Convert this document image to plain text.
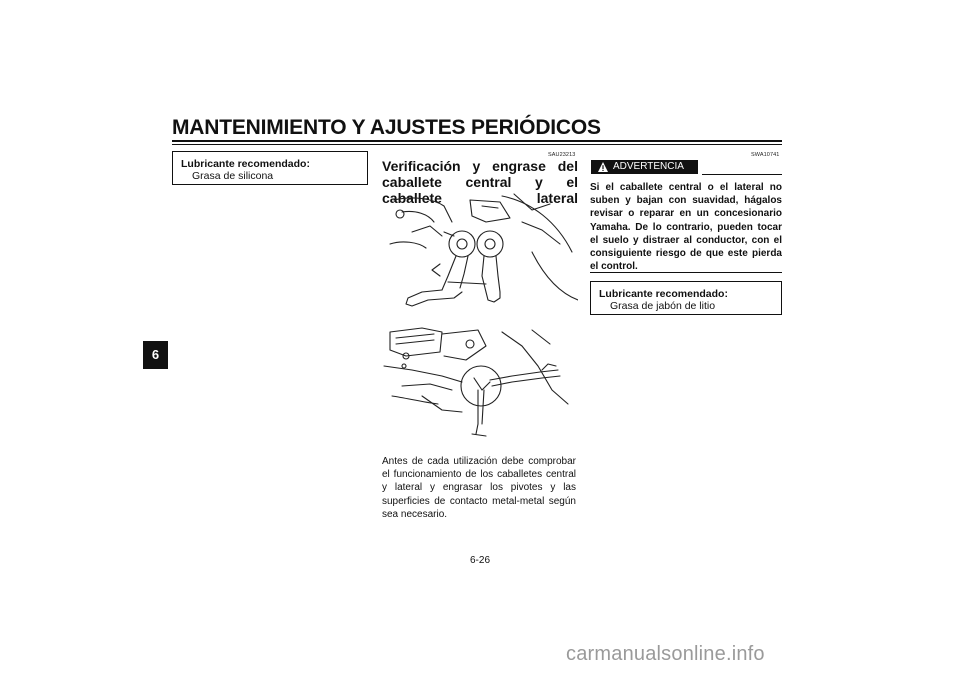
MANTENIMIENTO Y AJUSTES PERIÓDICOS
6
Lubricante recomendado:
Grasa de silicona
SAU23213
Verificación y engrase del caballete central y el caballete lateral
Antes de cada utilización debe comprobar el funcionamiento de los caballetes central y lateral y engrasar los pivotes y las superficies de contacto metal-metal según sea necesario.
SWA10741
ADVERTENCIA
Si el caballete central o el lateral no suben y bajan con suavidad, hágalos revisar o reparar en un concesionario Yamaha. De lo contrario, pueden tocar el suelo y distraer al conductor, con el consiguiente riesgo de que este pierda el control.
Lubricante recomendado:
Grasa de jabón de litio
6-26
carmanualsonline.info
